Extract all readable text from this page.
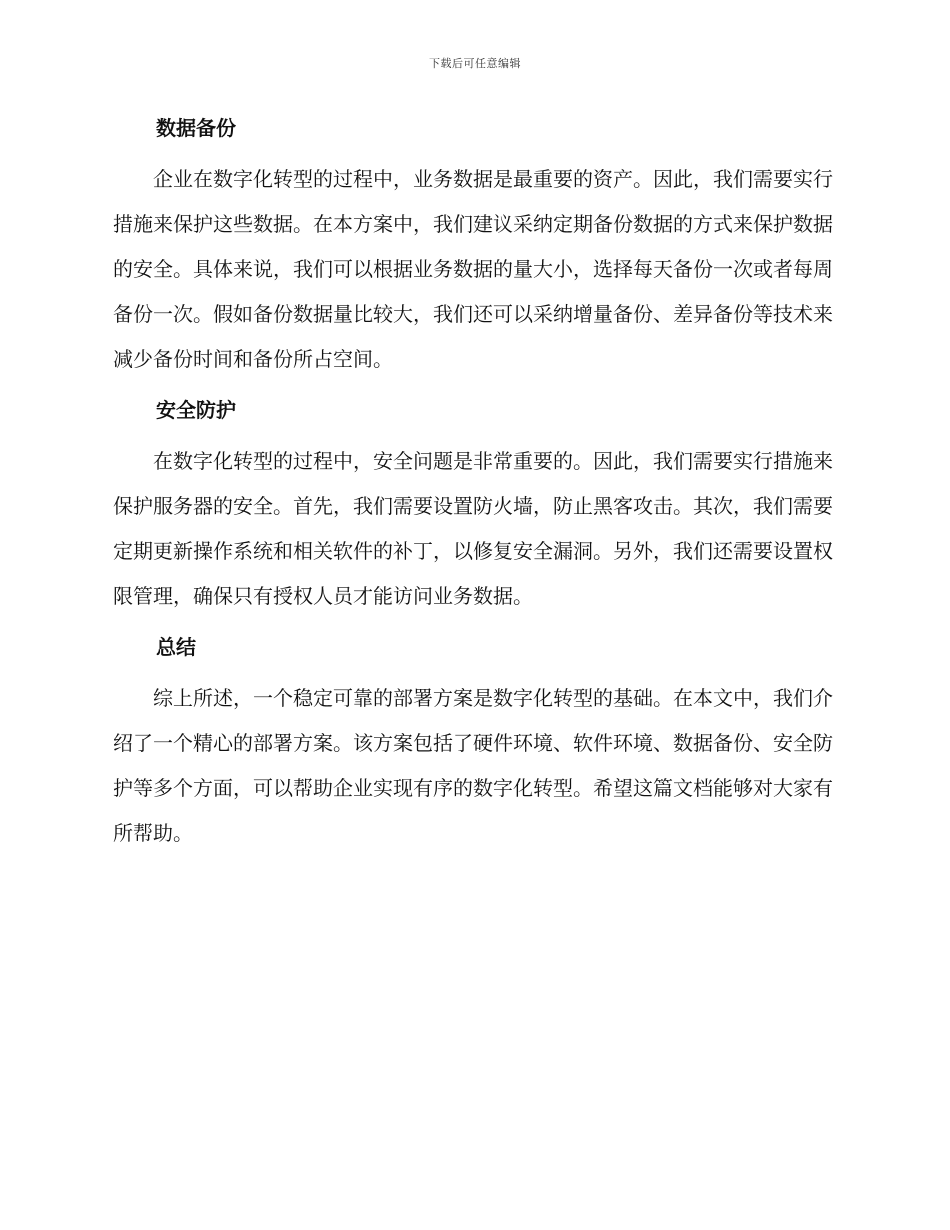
下载后可任意编辑
数据备份

企业在数字化转型的过程中，业务数据是最重要的资产。因此，我们需要实行措施来保护这些数据。在本方案中，我们建议采纳定期备份数据的方式来保护数据的安全。具体来说，我们可以根据业务数据的量大小，选择每天备份一次或者每周备份一次。假如备份数据量比较大，我们还可以采纳增量备份、差异备份等技术来减少备份时间和备份所占空间。

安全防护

在数字化转型的过程中，安全问题是非常重要的。因此，我们需要实行措施来保护服务器的安全。首先，我们需要设置防火墙，防止黑客攻击。其次，我们需要定期更新操作系统和相关软件的补丁，以修复安全漏洞。另外，我们还需要设置权限管理，确保只有授权人员才能访问业务数据。

总结

综上所述，一个稳定可靠的部署方案是数字化转型的基础。在本文中，我们介绍了一个精心的部署方案。该方案包括了硬件环境、软件环境、数据备份、安全防护等多个方面，可以帮助企业实现有序的数字化转型。希望这篇文档能够对大家有所帮助。
